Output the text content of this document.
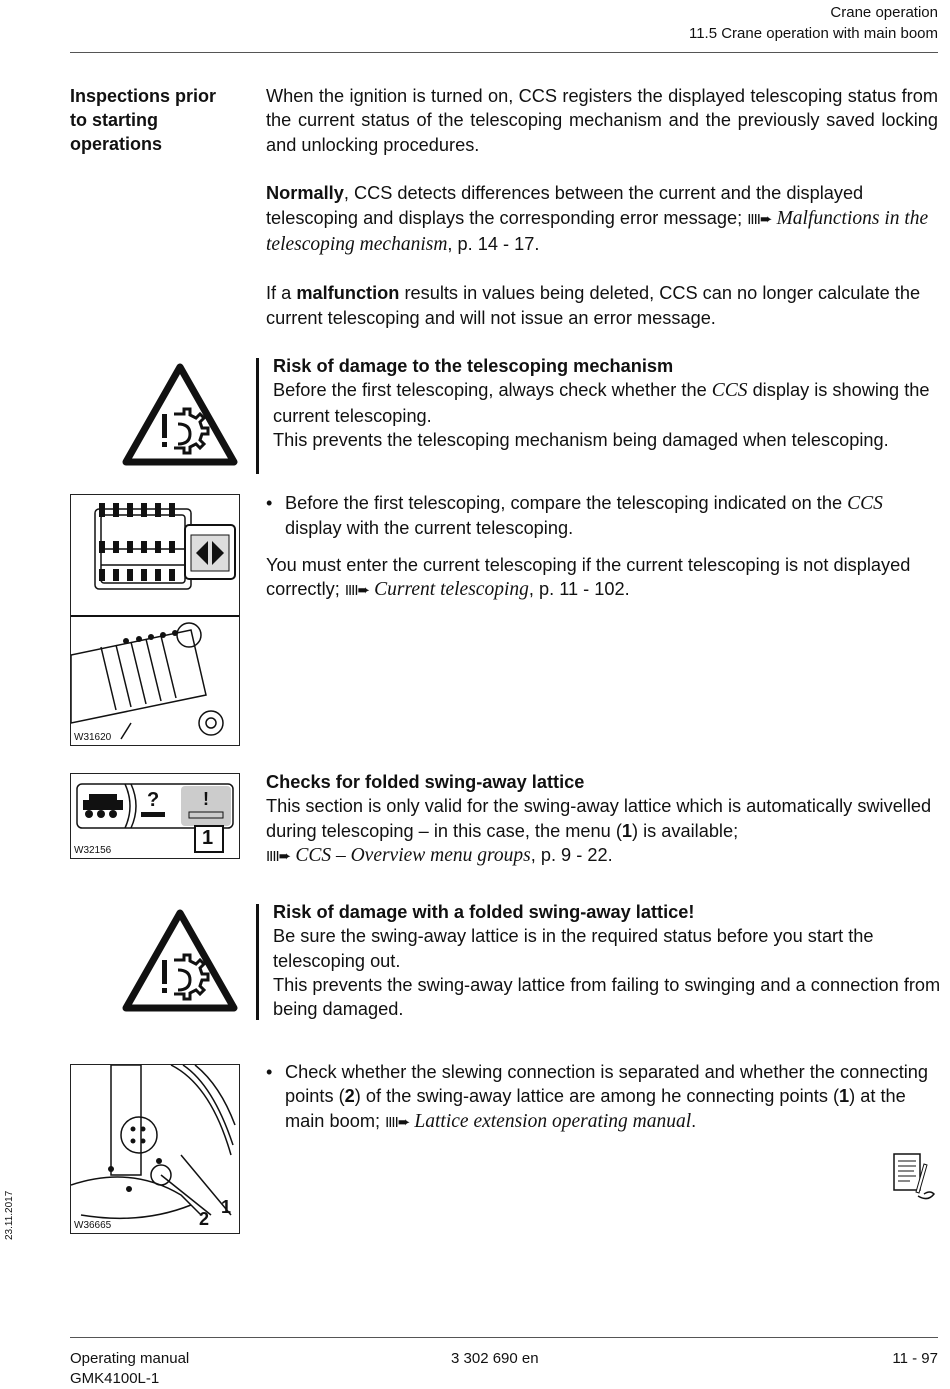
Crane operation
11.5 Crane operation with main boom
Inspections prior
to starting
operations

When the ignition is turned on, CCS registers the displayed telescoping status from the current status of the telescoping mechanism and the previously saved locking and unlocking procedures.

Normally, CCS detects differences between the current and the displayed telescoping and displays the corresponding error message; IIII➨ Malfunctions in the telescoping mechanism, p. 14 - 17.

If a malfunction results in values being deleted, CCS can no longer calculate the current telescoping and will not issue an error message.

Risk of damage to the telescoping mechanism
Before the first telescoping, always check whether the CCS display is showing the current telescoping.
This prevents the telescoping mechanism being damaged when telescoping.
W31620
• Before the first telescoping, compare the telescoping indicated on the CCS display with the current telescoping.

You must enter the current telescoping if the current telescoping is not displayed correctly; IIII➨ Current telescoping, p. 11 - 102.

? !
1
W32156
Checks for folded swing-away lattice

This section is only valid for the swing-away lattice which is automatically swivelled during telescoping – in this case, the menu (1) is available;
IIII➨ CCS – Overview menu groups, p. 9 - 22.

Risk of damage with a folded swing-away lattice!
Be sure the swing-away lattice is in the required status before you start the telescoping out.
This prevents the swing-away lattice from failing to swinging and a connection from being damaged.
1
2
W36665
• Check whether the slewing connection is separated and whether the connecting points (2) of the swing-away lattice are among he connecting points (1) at the main boom; IIII➨ Lattice extension operating manual.
23.11.2017
Operating manual
GMK4100L-1
3 302 690 en	11 - 97
